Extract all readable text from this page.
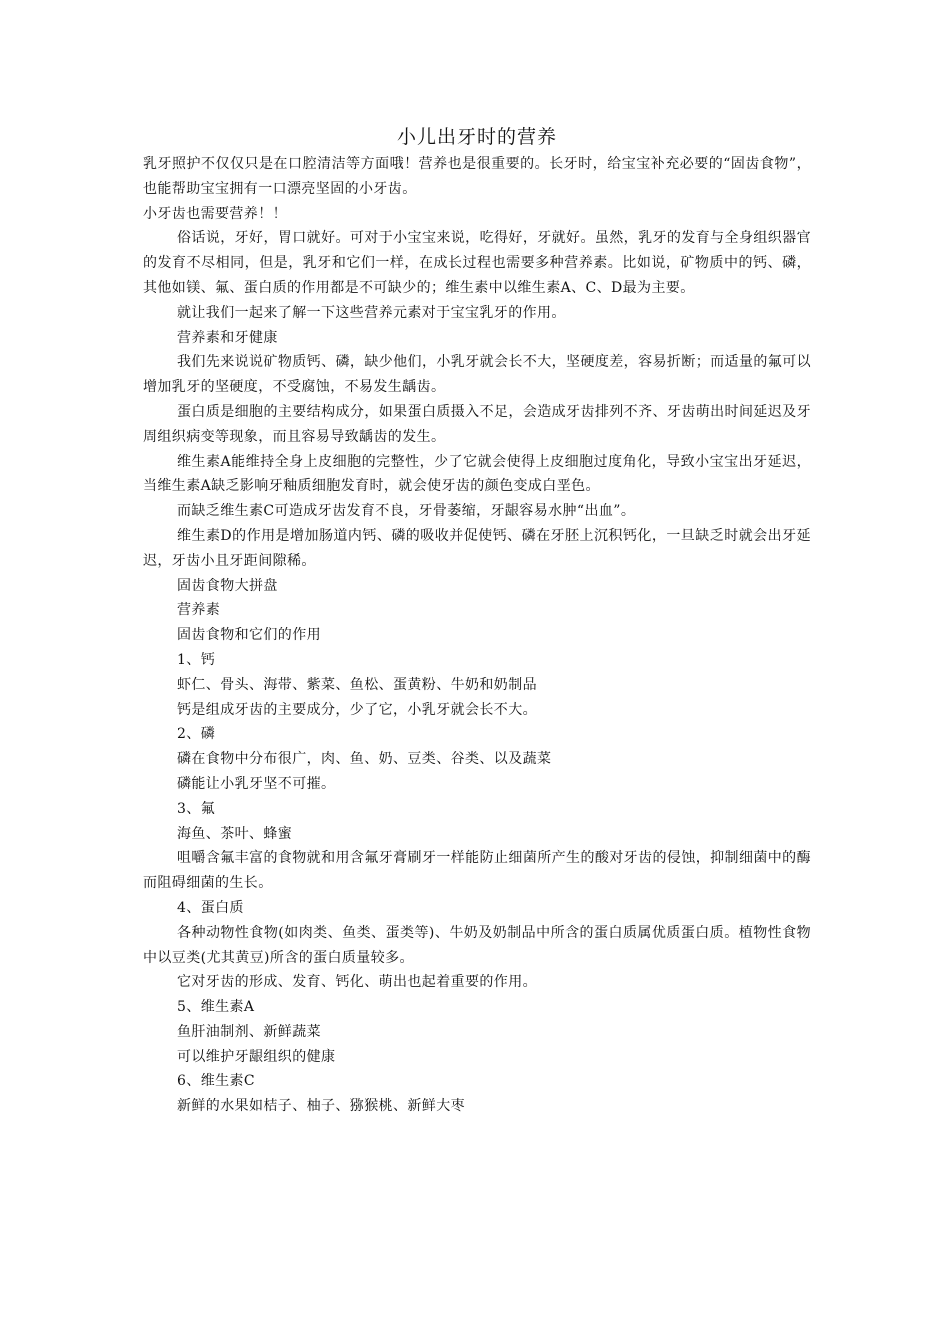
小儿出牙时的营养

乳牙照护不仅仅只是在口腔清洁等方面哦！营养也是很重要的。长牙时，给宝宝补充必要的“固齿食物”，也能帮助宝宝拥有一口漂亮坚固的小牙齿。

小牙齿也需要营养！！

俗话说，牙好，胃口就好。可对于小宝宝来说，吃得好，牙就好。虽然，乳牙的发育与全身组织器官的发育不尽相同，但是，乳牙和它们一样，在成长过程也需要多种营养素。比如说，矿物质中的钙、磷，其他如镁、氟、蛋白质的作用都是不可缺少的；维生素中以维生素A、C、D最为主要。

就让我们一起来了解一下这些营养元素对于宝宝乳牙的作用。

营养素和牙健康

我们先来说说矿物质钙、磷，缺少他们，小乳牙就会长不大，坚硬度差，容易折断；而适量的氟可以增加乳牙的坚硬度，不受腐蚀，不易发生龋齿。

蛋白质是细胞的主要结构成分，如果蛋白质摄入不足，会造成牙齿排列不齐、牙齿萌出时间延迟及牙周组织病变等现象，而且容易导致龋齿的发生。

维生素A能维持全身上皮细胞的完整性，少了它就会使得上皮细胞过度角化，导致小宝宝出牙延迟，当维生素A缺乏影响牙釉质细胞发育时，就会使牙齿的颜色变成白垩色。

而缺乏维生素C可造成牙齿发育不良，牙骨萎缩，牙龈容易水肿“出血”。

维生素D的作用是增加肠道内钙、磷的吸收并促使钙、磷在牙胚上沉积钙化，一旦缺乏时就会出牙延迟，牙齿小且牙距间隙稀。

固齿食物大拼盘

营养素

固齿食物和它们的作用

1、钙

虾仁、骨头、海带、紫菜、鱼松、蛋黄粉、牛奶和奶制品

钙是组成牙齿的主要成分，少了它，小乳牙就会长不大。

2、磷

磷在食物中分布很广，肉、鱼、奶、豆类、谷类、以及蔬菜

磷能让小乳牙坚不可摧。

3、氟

海鱼、茶叶、蜂蜜

咀嚼含氟丰富的食物就和用含氟牙膏刷牙一样能防止细菌所产生的酸对牙齿的侵蚀，抑制细菌中的酶而阻碍细菌的生长。

4、蛋白质

各种动物性食物(如肉类、鱼类、蛋类等)、牛奶及奶制品中所含的蛋白质属优质蛋白质。植物性食物中以豆类(尤其黄豆)所含的蛋白质量较多。

它对牙齿的形成、发育、钙化、萌出也起着重要的作用。

5、维生素A

鱼肝油制剂、新鲜蔬菜

可以维护牙龈组织的健康

6、维生素C

新鲜的水果如桔子、柚子、猕猴桃、新鲜大枣
